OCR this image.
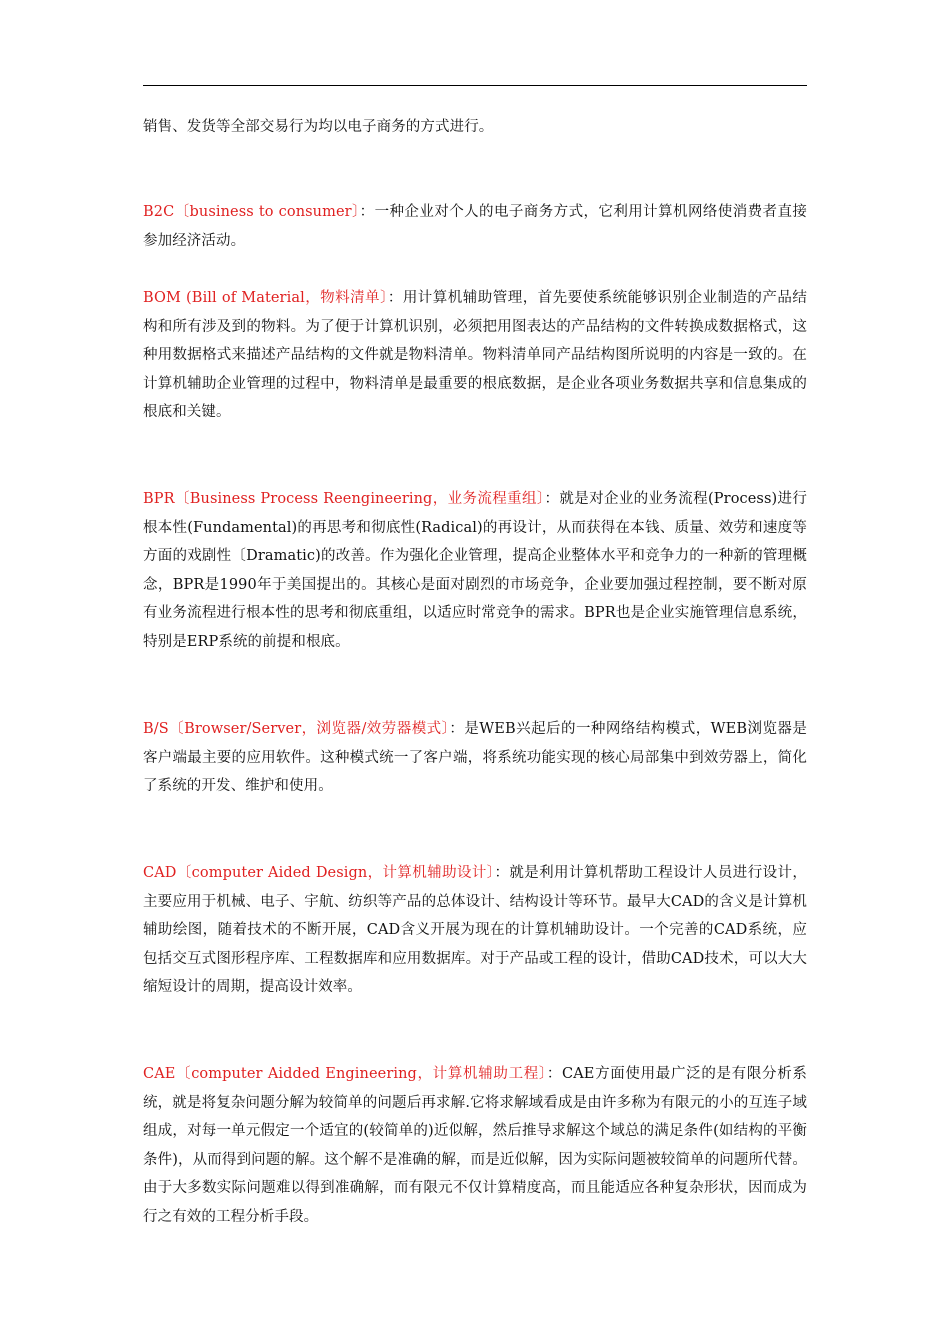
销售、发货等全部交易行为均以电子商务的方式进行。

B2C〔business to consumer〕：一种企业对个人的电子商务方式，它利用计算机网络使消费者直接参加经济活动。

BOM (Bill of Material，物料清单〕：用计算机辅助管理，首先要使系统能够识别企业制造的产品结构和所有涉及到的物料。为了便于计算机识别，必须把用图表达的产品结构的文件转换成数据格式，这种用数据格式来描述产品结构的文件就是物料清单。物料清单同产品结构图所说明的内容是一致的。在计算机辅助企业管理的过程中，物料清单是最重要的根底数据，是企业各项业务数据共享和信息集成的根底和关键。

BPR〔Business Process Reengineering，业务流程重组〕：就是对企业的业务流程(Process)进行根本性(Fundamental)的再思考和彻底性(Radical)的再设计，从而获得在本钱、质量、效劳和速度等方面的戏剧性〔Dramatic)的改善。作为强化企业管理，提高企业整体水平和竞争力的一种新的管理概念，BPR是1990年于美国提出的。其核心是面对剧烈的市场竞争，企业要加强过程控制，要不断对原有业务流程进行根本性的思考和彻底重组，以适应时常竞争的需求。BPR也是企业实施管理信息系统，特别是ERP系统的前提和根底。

B/S〔Browser/Server，浏览器/效劳器模式〕：是WEB兴起后的一种网络结构模式，WEB浏览器是客户端最主要的应用软件。这种模式统一了客户端，将系统功能实现的核心局部集中到效劳器上，简化了系统的开发、维护和使用。

CAD〔computer Aided Design，计算机辅助设计〕：就是利用计算机帮助工程设计人员进行设计，主要应用于机械、电子、宇航、纺织等产品的总体设计、结构设计等环节。最早大CAD的含义是计算机辅助绘图，随着技术的不断开展，CAD含义开展为现在的计算机辅助设计。一个完善的CAD系统，应包括交互式图形程序库、工程数据库和应用数据库。对于产品或工程的设计，借助CAD技术，可以大大缩短设计的周期，提高设计效率。

CAE〔computer Aidded Engineering，计算机辅助工程〕：CAE方面使用最广泛的是有限分析系统，就是将复杂问题分解为较简单的问题后再求解.它将求解域看成是由许多称为有限元的小的互连子域组成，对每一单元假定一个适宜的(较简单的)近似解，然后推导求解这个域总的满足条件(如结构的平衡条件)，从而得到问题的解。这个解不是准确的解，而是近似解，因为实际问题被较简单的问题所代替。由于大多数实际问题难以得到准确解，而有限元不仅计算精度高，而且能适应各种复杂形状，因而成为行之有效的工程分析手段。
